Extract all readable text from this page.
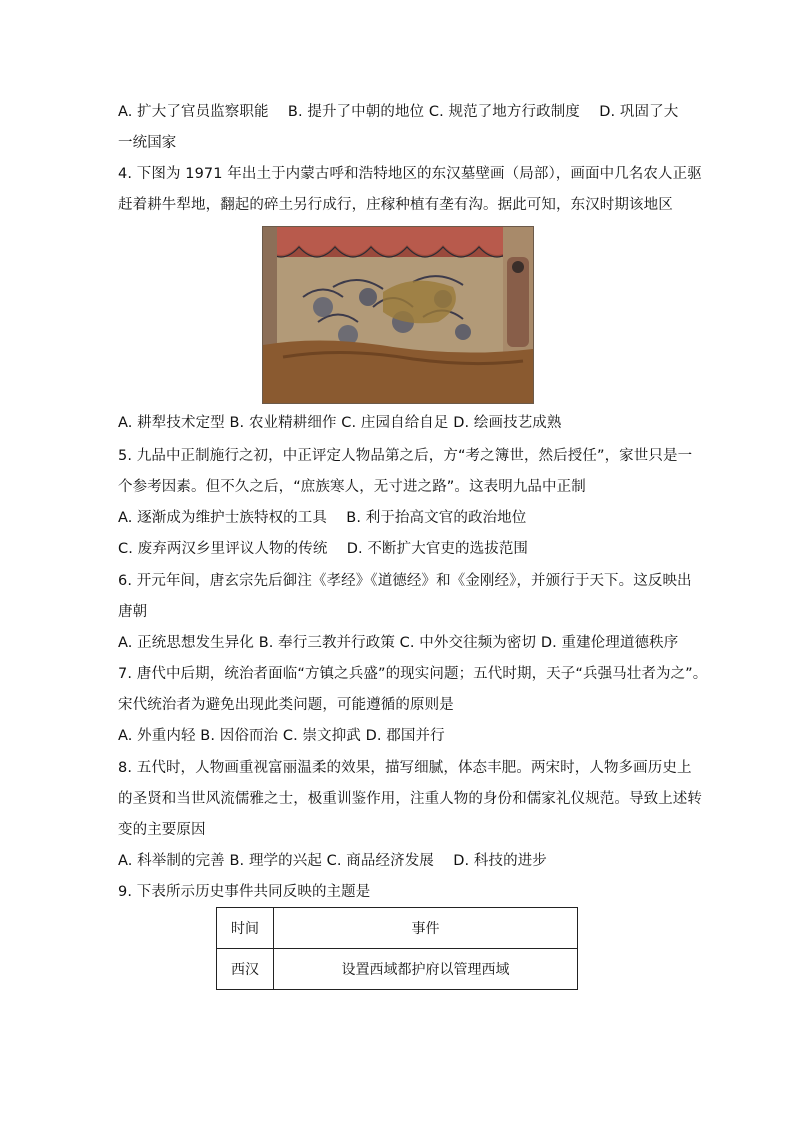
A. 扩大了官员监察职能　 B. 提升了中朝的地位 C. 规范了地方行政制度　 D. 巩固了大
一统国家
4. 下图为 1971 年出土于内蒙古呼和浩特地区的东汉墓壁画（局部），画面中几名农人正驱
赶着耕牛犁地，翻起的碎土另行成行，庄稼种植有垄有沟。据此可知，东汉时期该地区
A. 耕犁技术定型 B. 农业精耕细作 C. 庄园自给自足 D. 绘画技艺成熟
5. 九品中正制施行之初，中正评定人物品第之后，方“考之簿世，然后授任”，家世只是一
个参考因素。但不久之后，“庶族寒人，无寸进之路”。这表明九品中正制
A. 逐渐成为维护士族特权的工具　 B. 利于抬高文官的政治地位
C. 废弃两汉乡里评议人物的传统　 D. 不断扩大官吏的选拔范围
6. 开元年间，唐玄宗先后御注《孝经》《道德经》和《金刚经》，并颁行于天下。这反映出
唐朝
A. 正统思想发生异化 B. 奉行三教并行政策 C. 中外交往频为密切 D. 重建伦理道德秩序
7. 唐代中后期，统治者面临“方镇之兵盛”的现实问题；五代时期，天子“兵强马壮者为之”。
宋代统治者为避免出现此类问题，可能遵循的原则是
A. 外重内轻 B. 因俗而治 C. 崇文抑武 D. 郡国并行
8. 五代时，人物画重视富丽温柔的效果，描写细腻，体态丰肥。两宋时，人物多画历史上
的圣贤和当世风流儒雅之士，极重训鉴作用，注重人物的身份和儒家礼仪规范。导致上述转
变的主要原因
A. 科举制的完善 B. 理学的兴起 C. 商品经济发展　 D. 科技的进步
9. 下表所示历史事件共同反映的主题是
时间	事件
西汉	设置西域都护府以管理西域
